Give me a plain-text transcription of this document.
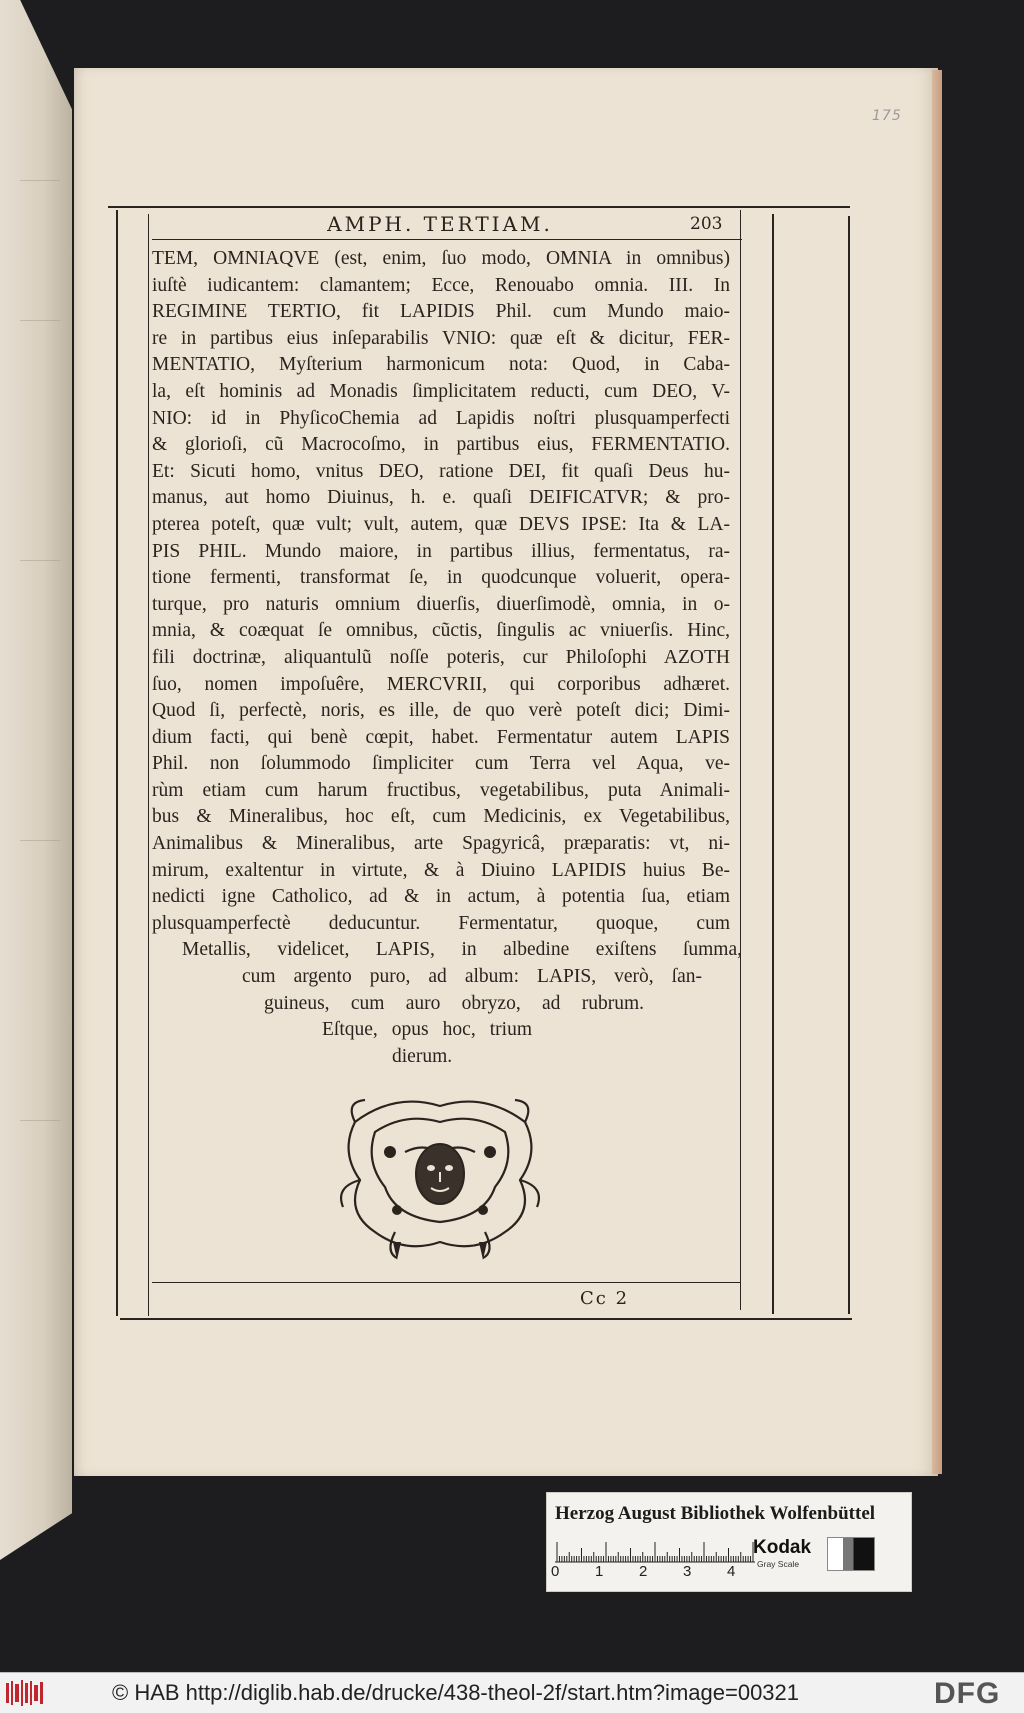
175
AMPH. TERTIAM.	203
TEM, OMNIAQVE (est, enim, ſuo modo, OMNIA in omnibus)
iuſtè iudicantem: clamantem; Ecce, Renouabo omnia. III. In
REGIMINE TERTIO, fit LAPIDIS Phil. cum Mundo maio-
re in partibus eius inſeparabilis VNIO: quæ eſt & dicitur, FER-
MENTATIO, Myſterium harmonicum nota: Quod, in Caba-
la, eſt hominis ad Monadis ſimplicitatem reducti, cum DEO, V-
NIO: id in PhyſicoChemia ad Lapidis noſtri plusquamperfecti
& glorioſi, cũ Macrocoſmo, in partibus eius, FERMENTATIO.
Et: Sicuti homo, vnitus DEO, ratione DEI, fit quaſi Deus hu-
manus, aut homo Diuinus, h. e. quaſi DEIFICATVR; & pro-
pterea poteſt, quæ vult; vult, autem, quæ DEVS IPSE: Ita & LA-
PIS PHIL. Mundo maiore, in partibus illius, fermentatus, ra-
tione fermenti, transformat ſe, in quodcunque voluerit, opera-
turque, pro naturis omnium diuerſis, diuerſimodè, omnia, in o-
mnia, & coæquat ſe omnibus, cũctis, ſingulis ac vniuerſis. Hinc,
fili doctrinæ, aliquantulũ noſſe poteris, cur Philoſophi AZOTH
ſuo, nomen impoſuêre, MERCVRII, qui corporibus adhæret.
Quod ſi, perfectè, noris, es ille, de quo verè poteſt dici; Dimi-
dium facti, qui benè cœpit, habet. Fermentatur autem LAPIS
Phil. non ſolummodo ſimpliciter cum Terra vel Aqua, ve-
rùm etiam cum harum fructibus, vegetabilibus, puta Animali-
bus & Mineralibus, hoc eſt, cum Medicinis, ex Vegetabilibus,
Animalibus & Mineralibus, arte Spagyricâ, præparatis: vt, ni-
mirum, exaltentur in virtute, & à Diuino LAPIDIS huius Be-
nedicti igne Catholico, ad & in actum, à potentia ſua, etiam
plusquamperfectè deducuntur. Fermentatur, quoque, cum
Metallis, videlicet, LAPIS, in albedine exiſtens ſumma,
cum argento puro, ad album: LAPIS, verò, ſan-
guineus, cum auro obryzo, ad rubrum.
Eſtque, opus hoc, trium
dierum.
Cc 2
Herzog August Bibliothek Wolfenbüttel
0 1 2 3 4
Kodak
Gray Scale
© HAB http://diglib.hab.de/drucke/438-theol-2f/start.htm?image=00321	DFG
